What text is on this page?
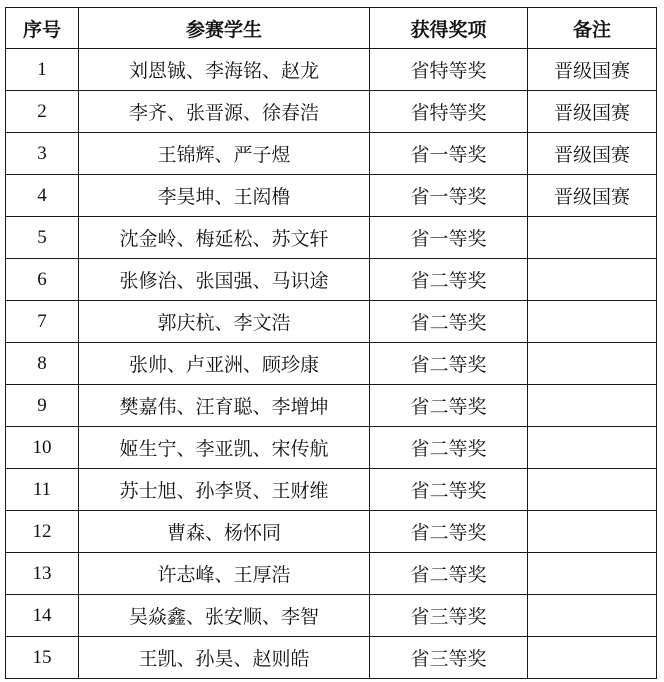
序号	参赛学生	获得奖项	备注
1	刘恩铖、李海铭、赵龙	省特等奖	晋级国赛
2	李齐、张晋源、徐春浩	省特等奖	晋级国赛
3	王锦辉、严子煜	省一等奖	晋级国赛
4	李昊坤、王闳橹	省一等奖	晋级国赛
5	沈金岭、梅延松、苏文轩	省一等奖	
6	张修治、张国强、马识途	省二等奖	
7	郭庆杭、李文浩	省二等奖	
8	张帅、卢亚洲、顾珍康	省二等奖	
9	樊嘉伟、汪育聪、李增坤	省二等奖	
10	姬生宁、李亚凯、宋传航	省二等奖	
11	苏士旭、孙李贤、王财维	省二等奖	
12	曹森、杨怀同	省二等奖	
13	许志峰、王厚浩	省二等奖	
14	吴焱鑫、张安顺、李智	省三等奖	
15	王凯、孙昊、赵则皓	省三等奖	
